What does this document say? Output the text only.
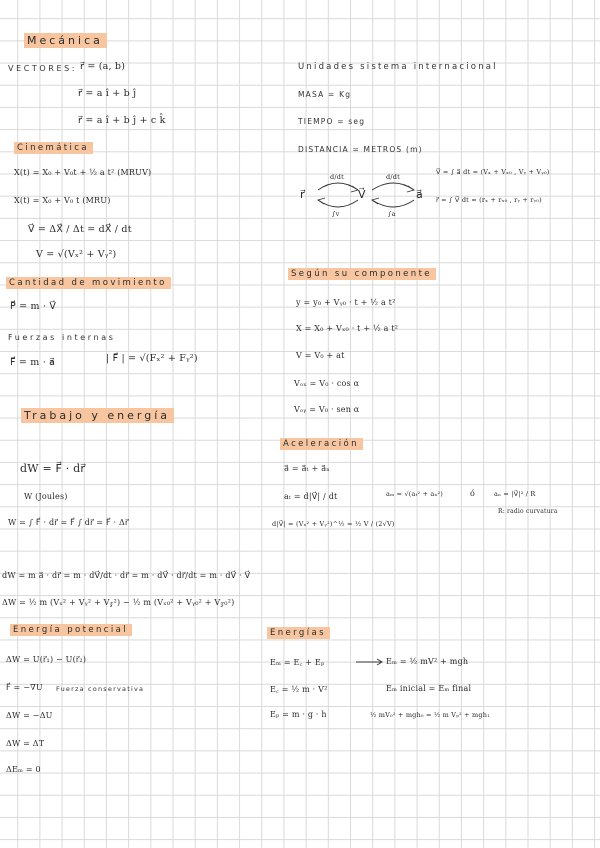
Mecánica
Cinemática
Cantidad de movimiento
Trabajo y energía
Energía potencial
Según su componente
Aceleración
Energías
VECTORES: r⃗ = (a, b)
r⃗ = a î + b ĵ
r⃗ = a î + b ĵ + c k̂
X(t) = X₀ + V₀t + ½ a t² (MRUV)
X(t) = X₀ + V₀ t (MRU)
V⃗ = ΔX⃗ / Δt = dX⃗ / dt
V = √(Vₓ² + Vᵧ²)
P⃗ = m · V⃗
Fuerzas internas
F⃗ = m · a⃗	| F⃗ | = √(Fₓ² + Fᵧ²)
dW = F⃗ · dr⃗
W (Joules)
W = ∫ F⃗ · dr⃗ = F⃗ ∫ dr⃗ = F⃗ · Δr⃗
dW = m a⃗ · dr⃗ = m · dV⃗/dt · dr⃗ = m · dV⃗ · dr⃗/dt = m · dV⃗ · V⃗
ΔW = ½ m (Vₓ² + Vᵧ² + V𝓏²) − ½ m (Vₓ₀² + Vᵧ₀² + V𝓏₀²)
ΔW = U(r⃗₁) − U(r⃗₂)
F⃗ = −∇U Fuerza conservativa
ΔW = −ΔU
ΔW = ΔT
ΔEₘ = 0
Unidades sistema internacional
MASA = Kg
TIEMPO = seg
DISTANCIA = METROS (m)
r⃗	V⃗	a⃗
d/dt	d/dt
∫v	∫a
V⃗ = ∫ a⃗ dt = (Vₓ + Vₓ₀ , Vᵧ + Vᵧ₀)
r⃗ = ∫ V⃗ dt = (rₓ + rₓ₀ , rᵧ + rᵧ₀)
y = y₀ + Vᵧ₀ · t + ½ a t²
X = X₀ + Vₓ₀ · t + ½ a t²
V = V₀ + at
Vₒₓ = V₀ · cos α
Vₒᵧ = V₀ · sen α
a⃗ = a⃗ₜ + a⃗ₙ
aₜ = d|V⃗| / dt	aₘ = √(aₜ² + aₙ²)	ó	aₙ = |V⃗|² / R
R: radio curvatura
d|V⃗| = (Vₓ² + Vᵧ²)^½ = ½ V / (2√V)
Eₘ = E꜀ + Eₚ	Eₘ = ½ mV² + mgh
E꜀ = ½ m · V²	Eₘ inicial = Eₘ final
Eₚ = m · g · h	½ mV₀² + mgh₀ = ½ m Vₚ² + mgh₁
